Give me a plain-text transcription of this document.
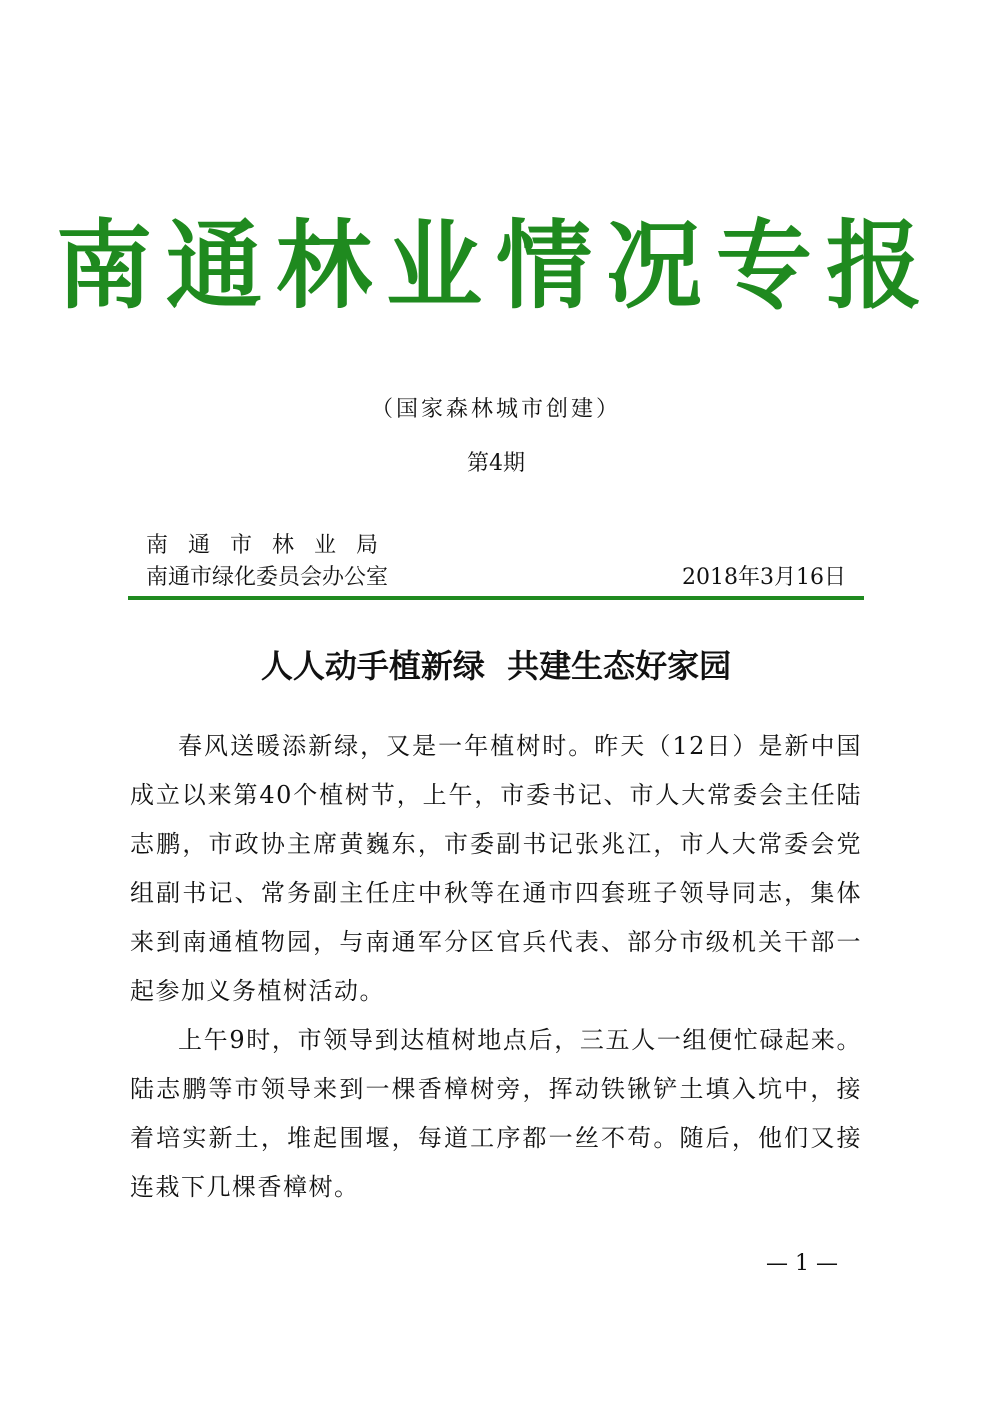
南通林业情况专报
（国家森林城市创建）
第4期
南通市林业局
南通市绿化委员会办公室	2018年3月16日
人人动手植新绿  共建生态好家园

春风送暖添新绿，又是一年植树时。昨天（12日）是新中国成立以来第40个植树节，上午，市委书记、市人大常委会主任陆志鹏，市政协主席黄巍东，市委副书记张兆江，市人大常委会党组副书记、常务副主任庄中秋等在通市四套班子领导同志，集体来到南通植物园，与南通军分区官兵代表、部分市级机关干部一起参加义务植树活动。

上午9时，市领导到达植树地点后，三五人一组便忙碌起来。陆志鹏等市领导来到一棵香樟树旁，挥动铁锹铲土填入坑中，接着培实新土，堆起围堰，每道工序都一丝不苟。随后，他们又接连栽下几棵香樟树。

— 1 —
